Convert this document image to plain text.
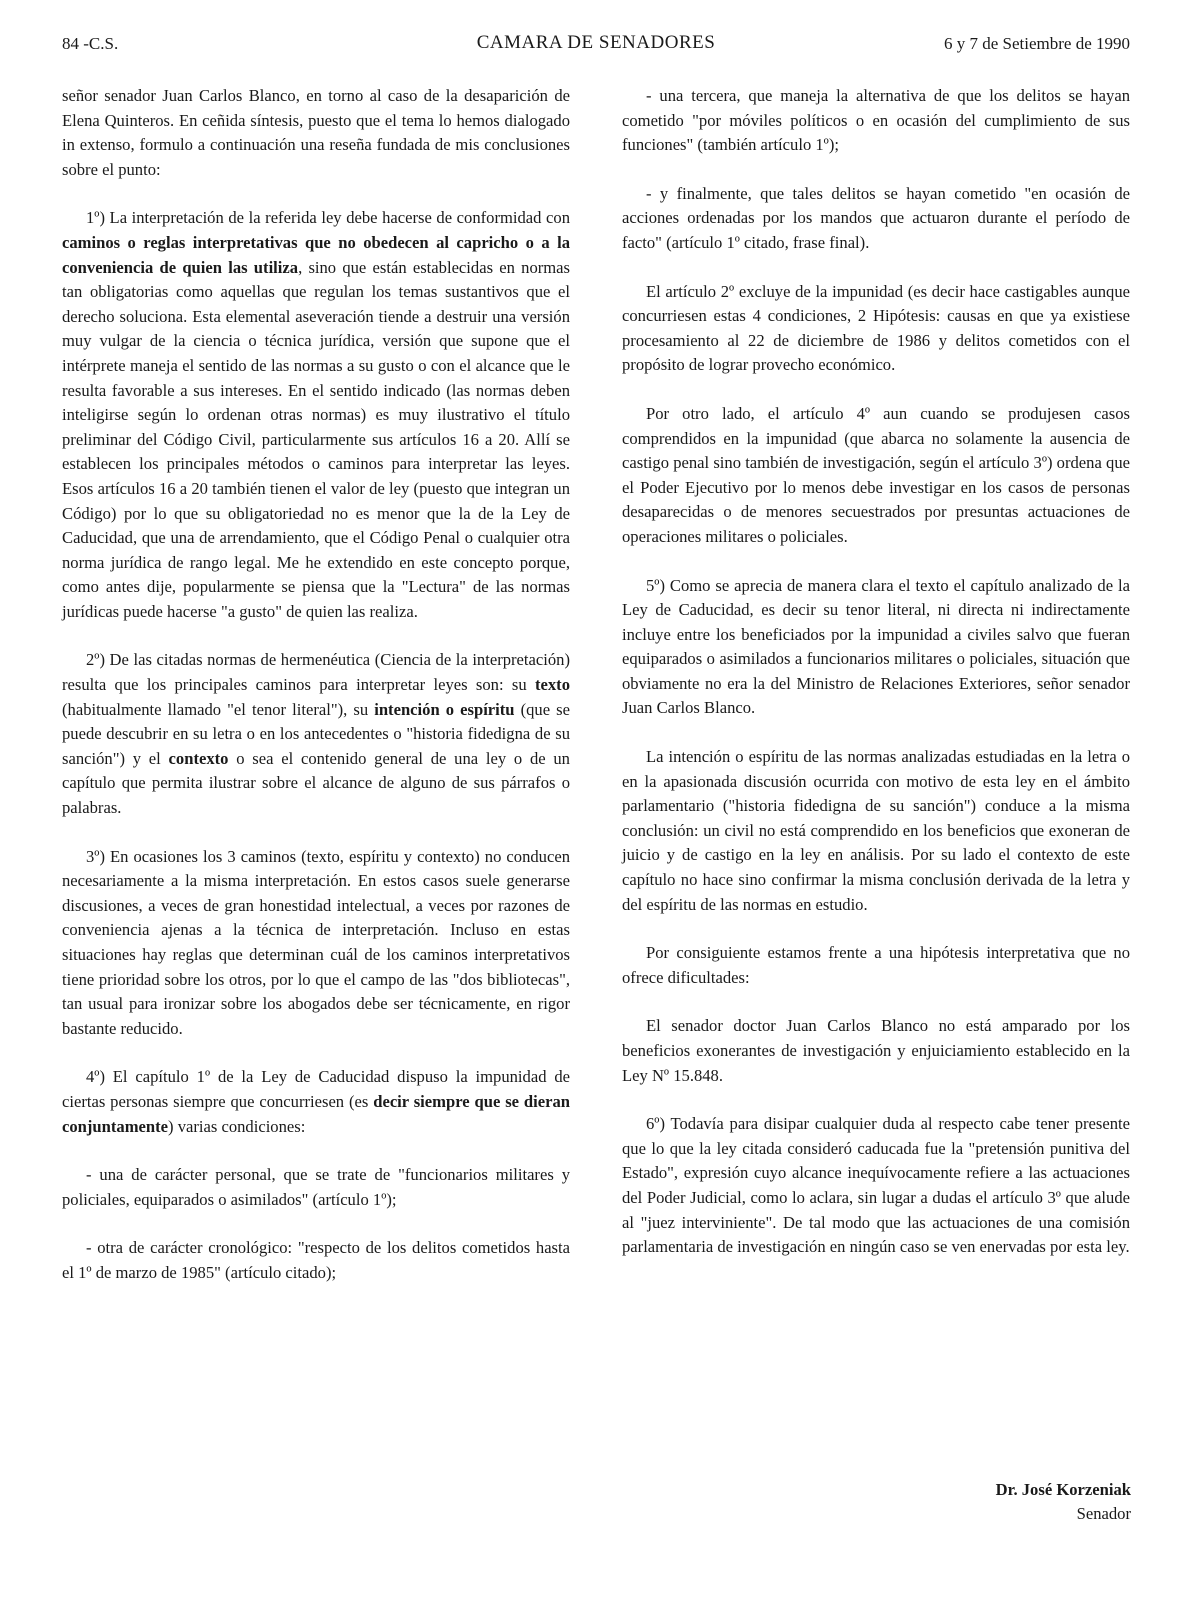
84 -C.S.	CAMARA DE SENADORES	6 y 7 de Setiembre de 1990

señor senador Juan Carlos Blanco, en torno al caso de la desaparición de Elena Quinteros. En ceñida síntesis, puesto que el tema lo hemos dialogado in extenso, formulo a continuación una reseña fundada de mis conclusiones sobre el punto:

1º) La interpretación de la referida ley debe hacerse de conformidad con caminos o reglas interpretativas que no obedecen al capricho o a la conveniencia de quien las utiliza, sino que están establecidas en normas tan obligatorias como aquellas que regulan los temas sustantivos que el derecho soluciona. Esta elemental aseveración tiende a destruir una versión muy vulgar de la ciencia o técnica jurídica, versión que supone que el intérprete maneja el sentido de las normas a su gusto o con el alcance que le resulta favorable a sus intereses. En el sentido indicado (las normas deben inteligirse según lo ordenan otras normas) es muy ilustrativo el título preliminar del Código Civil, particularmente sus artículos 16 a 20. Allí se establecen los principales métodos o caminos para interpretar las leyes. Esos artículos 16 a 20 también tienen el valor de ley (puesto que integran un Código) por lo que su obligatoriedad no es menor que la de la Ley de Caducidad, que una de arrendamiento, que el Código Penal o cualquier otra norma jurídica de rango legal. Me he extendido en este concepto porque, como antes dije, popularmente se piensa que la "Lectura" de las normas jurídicas puede hacerse "a gusto" de quien las realiza.

2º) De las citadas normas de hermenéutica (Ciencia de la interpretación) resulta que los principales caminos para interpretar leyes son: su texto (habitualmente llamado "el tenor literal"), su intención o espíritu (que se puede descubrir en su letra o en los antecedentes o "historia fidedigna de su sanción") y el contexto o sea el contenido general de una ley o de un capítulo que permita ilustrar sobre el alcance de alguno de sus párrafos o palabras.

3º) En ocasiones los 3 caminos (texto, espíritu y contexto) no conducen necesariamente a la misma interpretación. En estos casos suele generarse discusiones, a veces de gran honestidad intelectual, a veces por razones de conveniencia ajenas a la técnica de interpretación. Incluso en estas situaciones hay reglas que determinan cuál de los caminos interpretativos tiene prioridad sobre los otros, por lo que el campo de las "dos bibliotecas", tan usual para ironizar sobre los abogados debe ser técnicamente, en rigor bastante reducido.

4º) El capítulo 1º de la Ley de Caducidad dispuso la impunidad de ciertas personas siempre que concurriesen (es decir siempre que se dieran conjuntamente) varias condiciones:

- una de carácter personal, que se trate de "funcionarios militares y policiales, equiparados o asimilados" (artículo 1º);

- otra de carácter cronológico: "respecto de los delitos cometidos hasta el 1º de marzo de 1985" (artículo citado);

- una tercera, que maneja la alternativa de que los delitos se hayan cometido "por móviles políticos o en ocasión del cumplimiento de sus funciones" (también artículo 1º);

- y finalmente, que tales delitos se hayan cometido "en ocasión de acciones ordenadas por los mandos que actuaron durante el período de facto" (artículo 1º citado, frase final).

El artículo 2º excluye de la impunidad (es decir hace castigables aunque concurriesen estas 4 condiciones, 2 Hipótesis: causas en que ya existiese procesamiento al 22 de diciembre de 1986 y delitos cometidos con el propósito de lograr provecho económico.

Por otro lado, el artículo 4º aun cuando se produjesen casos comprendidos en la impunidad (que abarca no solamente la ausencia de castigo penal sino también de investigación, según el artículo 3º) ordena que el Poder Ejecutivo por lo menos debe investigar en los casos de personas desaparecidas o de menores secuestrados por presuntas actuaciones de operaciones militares o policiales.

5º) Como se aprecia de manera clara el texto el capítulo analizado de la Ley de Caducidad, es decir su tenor literal, ni directa ni indirectamente incluye entre los beneficiados por la impunidad a civiles salvo que fueran equiparados o asimilados a funcionarios militares o policiales, situación que obviamente no era la del Ministro de Relaciones Exteriores, señor senador Juan Carlos Blanco.

La intención o espíritu de las normas analizadas estudiadas en la letra o en la apasionada discusión ocurrida con motivo de esta ley en el ámbito parlamentario ("historia fidedigna de su sanción") conduce a la misma conclusión: un civil no está comprendido en los beneficios que exoneran de juicio y de castigo en la ley en análisis. Por su lado el contexto de este capítulo no hace sino confirmar la misma conclusión derivada de la letra y del espíritu de las normas en estudio.

Por consiguiente estamos frente a una hipótesis interpretativa que no ofrece dificultades:

El senador doctor Juan Carlos Blanco no está amparado por los beneficios exonerantes de investigación y enjuiciamiento establecido en la Ley Nº 15.848.

6º) Todavía para disipar cualquier duda al respecto cabe tener presente que lo que la ley citada consideró caducada fue la "pretensión punitiva del Estado", expresión cuyo alcance inequívocamente refiere a las actuaciones del Poder Judicial, como lo aclara, sin lugar a dudas el artículo 3º que alude al "juez interviniente". De tal modo que las actuaciones de una comisión parlamentaria de investigación en ningún caso se ven enervadas por esta ley.

Dr. José Korzeniak
Senador
